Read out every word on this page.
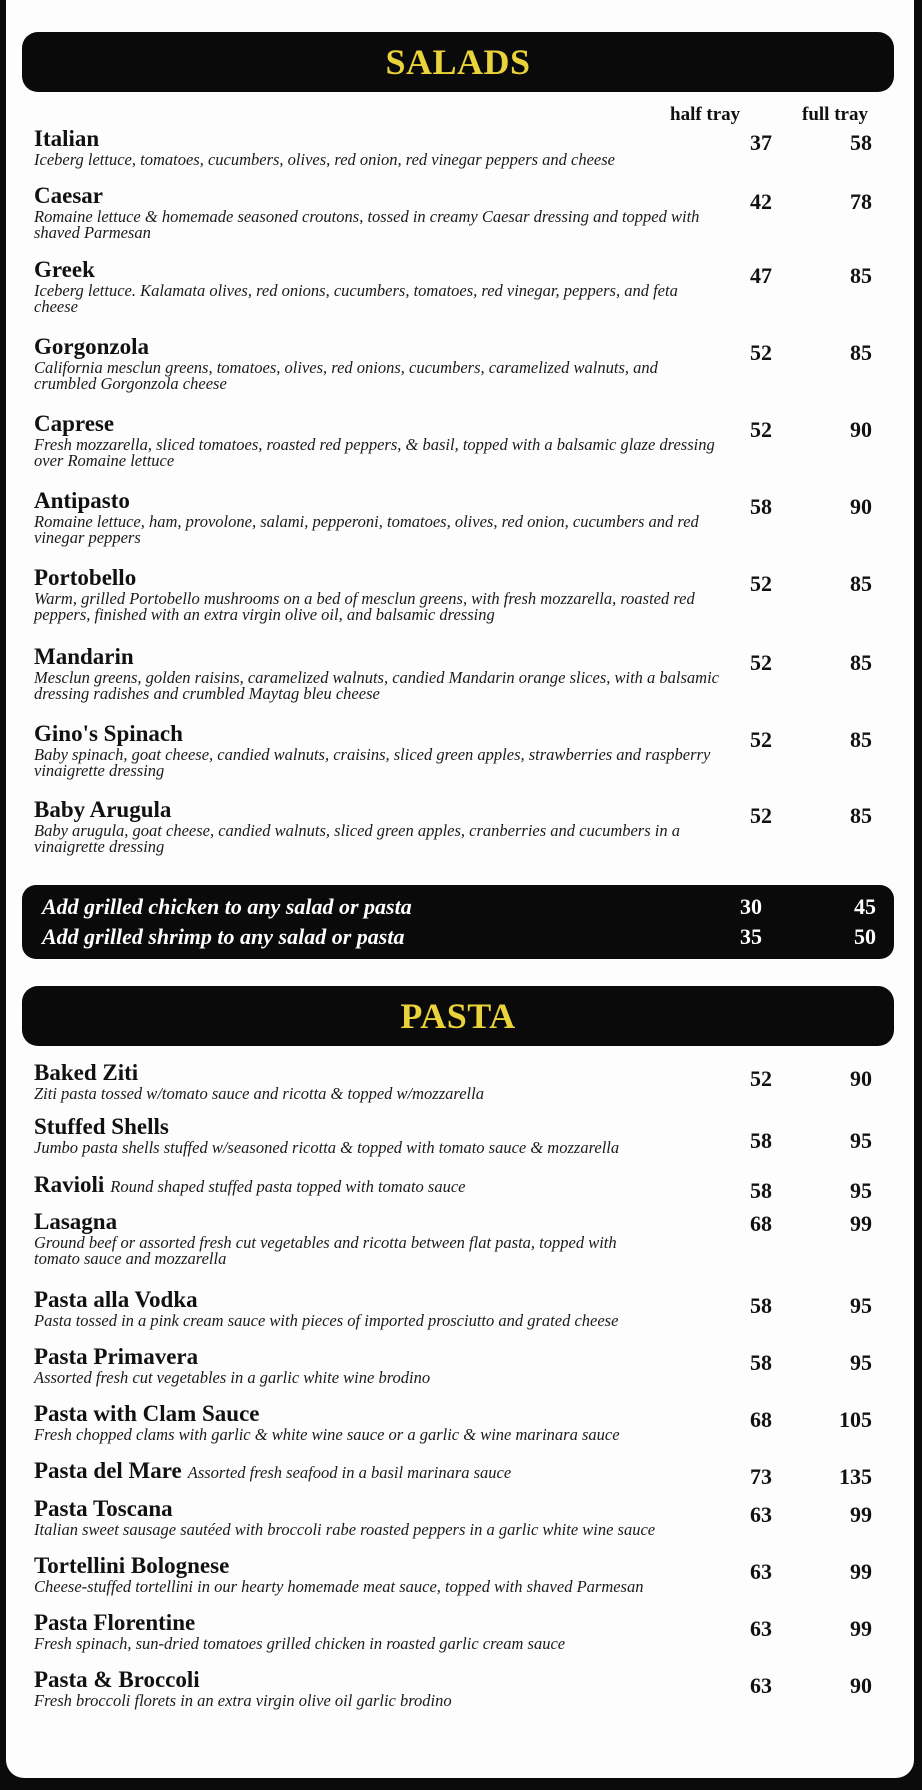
SALADS
half tray	full tray
Italian
Iceberg lettuce, tomatoes, cucumbers, olives, red onion, red vinegar peppers and cheese
37	58
Caesar
Romaine lettuce & homemade seasoned croutons, tossed in creamy Caesar dressing and topped with shaved Parmesan
42	78
Greek
Iceberg lettuce. Kalamata olives, red onions, cucumbers, tomatoes, red vinegar, peppers, and feta cheese
47	85
Gorgonzola
California mesclun greens, tomatoes, olives, red onions, cucumbers, caramelized walnuts, and crumbled Gorgonzola cheese
52	85
Caprese
Fresh mozzarella, sliced tomatoes, roasted red peppers, & basil, topped with a balsamic glaze dressing over Romaine lettuce
52	90
Antipasto
Romaine lettuce, ham, provolone, salami, pepperoni, tomatoes, olives, red onion, cucumbers and red vinegar peppers
58	90
Portobello
Warm, grilled Portobello mushrooms on a bed of mesclun greens, with fresh mozzarella, roasted red peppers, finished with an extra virgin olive oil, and balsamic dressing
52	85
Mandarin
Mesclun greens, golden raisins, caramelized walnuts, candied Mandarin orange slices, with a balsamic dressing radishes and crumbled Maytag bleu cheese
52	85
Gino's Spinach
Baby spinach, goat cheese, candied walnuts, craisins, sliced green apples, strawberries and raspberry vinaigrette dressing
52	85
Baby Arugula
Baby arugula, goat cheese, candied walnuts, sliced green apples, cranberries and cucumbers in a vinaigrette dressing
52	85
Add grilled chicken to any salad or pasta	30	45
Add grilled shrimp to any salad or pasta	35	50
PASTA
Baked Ziti
Ziti pasta tossed w/tomato sauce and ricotta & topped w/mozzarella
52	90
Stuffed Shells
Jumbo pasta shells stuffed w/seasoned ricotta & topped with tomato sauce & mozzarella	58	95
Ravioli Round shaped stuffed pasta topped with tomato sauce	58	95
Lasagna
Ground beef or assorted fresh cut vegetables and ricotta between flat pasta, topped with tomato sauce and mozzarella
68	99
Pasta alla Vodka
Pasta tossed in a pink cream sauce with pieces of imported prosciutto and grated cheese
58	95
Pasta Primavera
Assorted fresh cut vegetables in a garlic white wine brodino
58	95
Pasta with Clam Sauce
Fresh chopped clams with garlic & white wine sauce or a garlic & wine marinara sauce
68	105
Pasta del Mare Assorted fresh seafood in a basil marinara sauce	73	135
Pasta Toscana
Italian sweet sausage sautéed with broccoli rabe roasted peppers in a garlic white wine sauce
63	99
Tortellini Bolognese
Cheese-stuffed tortellini in our hearty homemade meat sauce, topped with shaved Parmesan
63	99
Pasta Florentine
Fresh spinach, sun-dried tomatoes grilled chicken in roasted garlic cream sauce
63	99
Pasta & Broccoli
Fresh broccoli florets in an extra virgin olive oil garlic brodino
63	90
